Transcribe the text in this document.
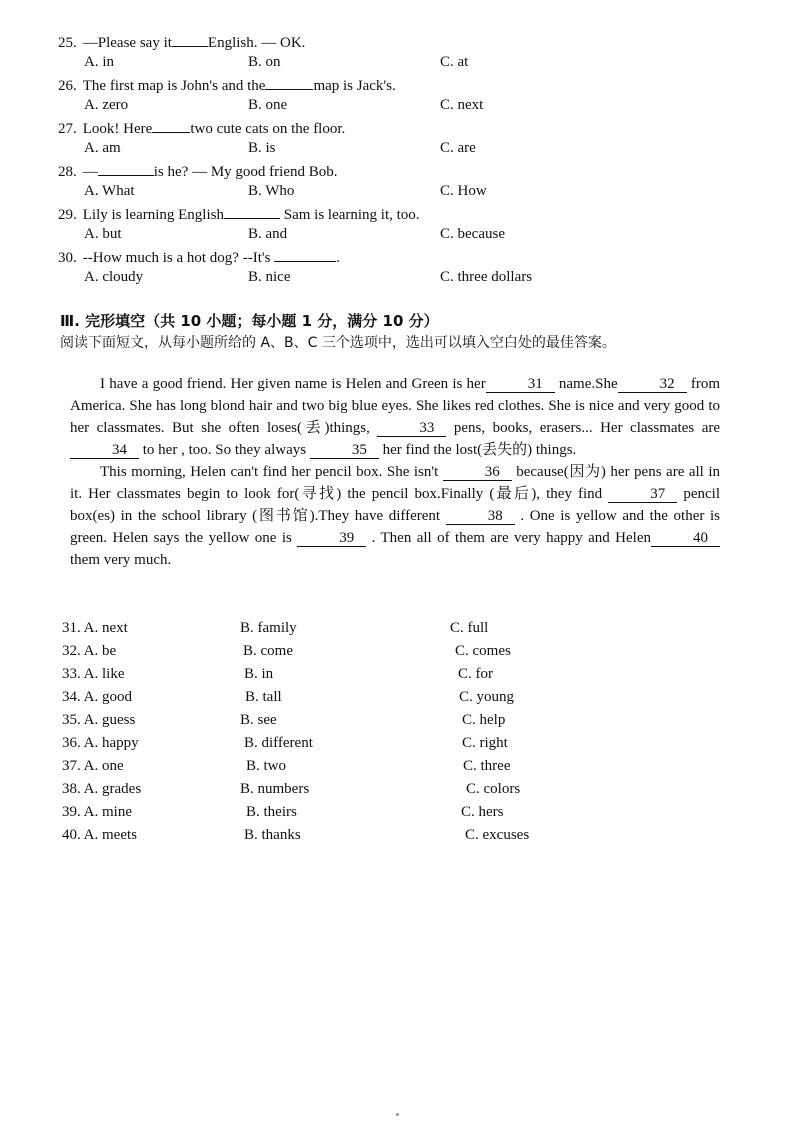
25. —Please say it English. — OK.
A. in	B. on	C. at
26. The first map is John's and the	map is Jack's.
A. zero	B. one	C. next
27. Look! Here	two cute cats on the floor.
A. am	B. is	C. are
28. —	is he? — My good friend Bob.
A. What	B. Who	C. How
29. Lily is learning English	Sam is learning it, too.
A. but	B. and	C. because
30. --How much is a hot dog? --It's	.
A. cloudy	B. nice	C. three dollars
Ⅲ. 完形填空（共 10 小题；每小题 1 分，满分 10 分）
阅读下面短文，从每小题所给的 A、B、C 三个选项中，选出可以填入空白处的最佳答案。

I have a good friend. Her given name is Helen and Green is her	31 name.She	32 from America. She has long blond hair and two big blue eyes. She likes red clothes. She is nice and very good to her classmates. But she often loses(丢)things,	33 pens, books, erasers... Her classmates are 34 to her , too. So they always	35 her find the lost(丢失的) things.

This morning, Helen can't find her pencil box. She isn't	36 because(因为) her pens are all in it. Her classmates begin to look for(寻找) the pencil box.Finally (最后), they find	37 pencil box(es) in the school library (图书馆).They have different	38 . One is yellow and the other is green. Helen says the yellow one is	39 . Then all of them are very happy and Helen	40 them very much.

31. A. next	B. family	C. full
32. A. be	B. come	C. comes
33. A. like	B. in	C. for
34. A. good	B. tall	C. young
35. A. guess	B. see	C. help
36. A. happy	B. different	C. right
37. A. one	B. two	C. three
38. A. grades	B. numbers	C. colors
39. A. mine	B. theirs	C. hers
40. A. meets	B. thanks	C. excuses
